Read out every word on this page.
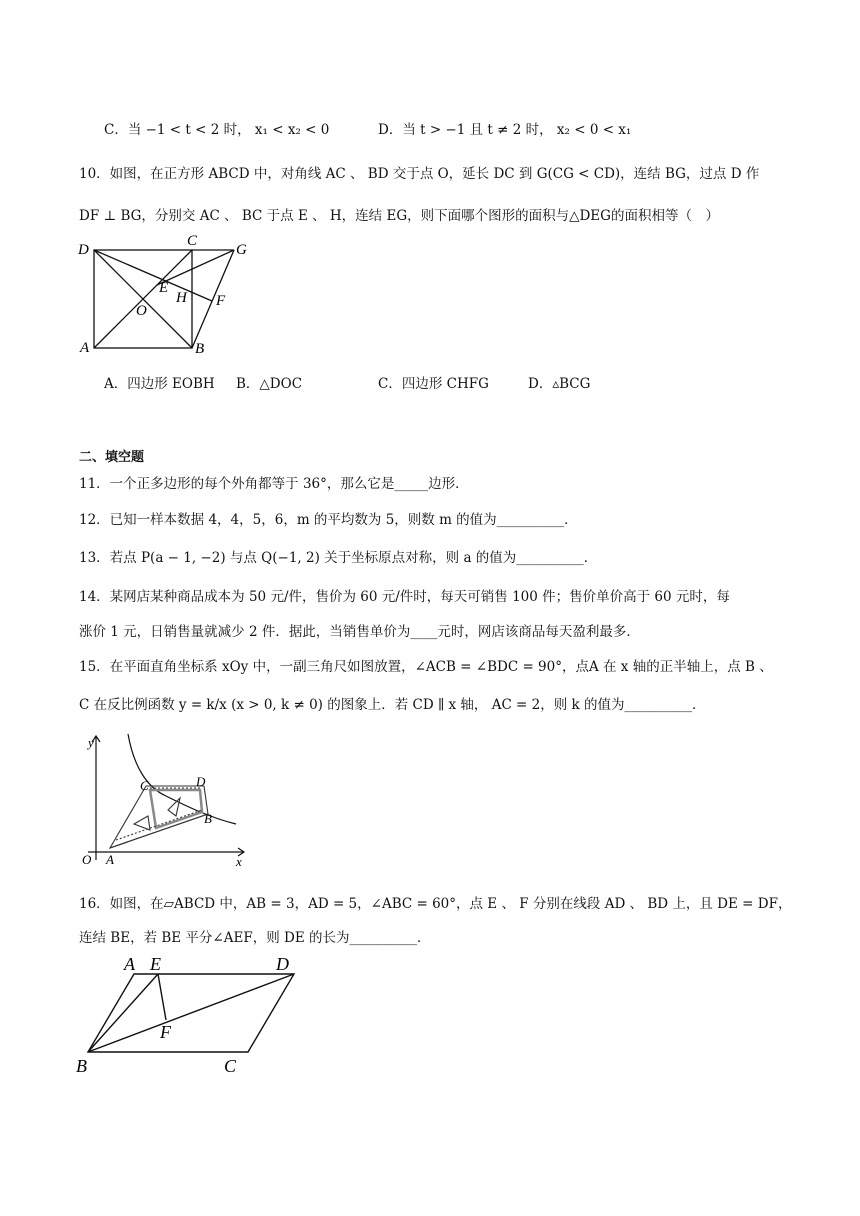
C．当 −1 < t < 2 时， x₁ < x₂ < 0	D．当 t > −1 且 t ≠ 2 时， x₂ < 0 < x₁
10．如图，在正方形 ABCD 中，对角线 AC 、 BD 交于点 O，延长 DC 到 G(CG < CD)，连结 BG，过点 D 作
DF ⊥ BG，分别交 AC 、 BC 于点 E 、 H，连结 EG，则下面哪个图形的面积与△DEG的面积相等（　）
D
C
G
E
H F
O
A	B
A．四边形 EOBH B．△DOC	C．四边形 CHFG	D．▵BCG
二、填空题
11．一个正多边形的每个外角都等于 36°，那么它是_____边形．
12．已知一样本数据 4，4，5，6，m 的平均数为 5，则数 m 的值为__________．
13．若点 P(a − 1, −2) 与点 Q(−1, 2) 关于坐标原点对称，则 a 的值为__________．
14．某网店某种商品成本为 50 元/件，售价为 60 元/件时，每天可销售 100 件；售价单价高于 60 元时，每
涨价 1 元，日销售量就减少 2 件．据此，当销售单价为____元时，网店该商品每天盈利最多．
15．在平面直角坐标系 xOy 中，一副三角尺如图放置，∠ACB = ∠BDC = 90°，点A 在 x 轴的正半轴上，点 B 、
C 在反比例函数 y = k/x (x > 0, k ≠ 0) 的图象上．若 CD ∥ x 轴， AC = 2，则 k 的值为__________．
y
x
O A
B
C	D
16．如图，在▱ABCD 中，AB = 3，AD = 5，∠ABC = 60°，点 E 、 F 分别在线段 AD 、 BD 上，且 DE = DF，
连结 BE，若 BE 平分∠AEF，则 DE 的长为__________．
A E	D
F
B	C
